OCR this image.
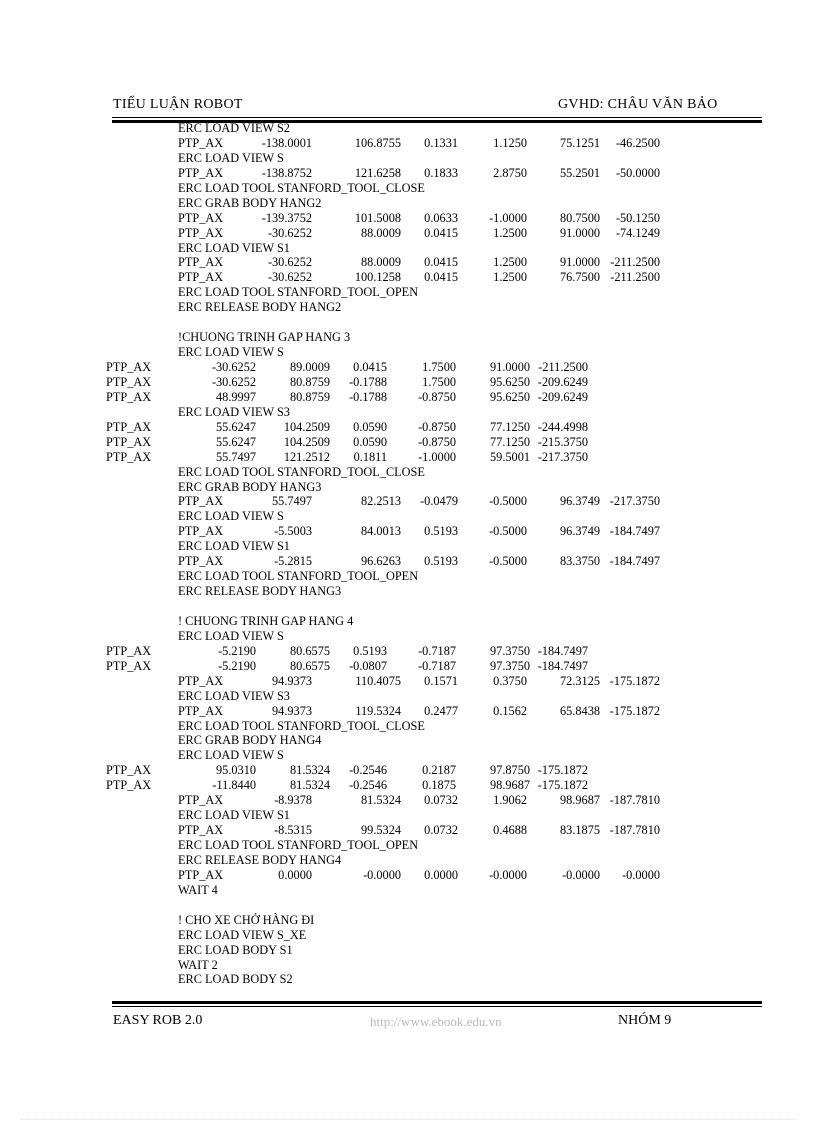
TIỂU LUẬN ROBOT	GVHD: CHÂU VĂN BẢO
ERC LOAD VIEW S2
PTP_AX	-138.0001	106.8755 0.1331	1.1250	75.1251 -46.2500
ERC LOAD VIEW S
PTP_AX	-138.8752	121.6258 0.1833	2.8750	55.2501 -50.0000
ERC LOAD TOOL STANFORD_TOOL_CLOSE
ERC GRAB BODY HANG2
PTP_AX	-139.3752	101.5008 0.0633	-1.0000	80.7500 -50.1250
PTP_AX	-30.6252	88.0009 0.0415	1.2500	91.0000 -74.1249
ERC LOAD VIEW S1
PTP_AX	-30.6252	88.0009 0.0415	1.2500	91.0000 -211.2500
PTP_AX	-30.6252	100.1258 0.0415	1.2500	76.7500 -211.2500
ERC LOAD TOOL STANFORD_TOOL_OPEN
ERC RELEASE BODY HANG2
!CHUONG TRINH GAP HANG 3
ERC LOAD VIEW S
PTP_AX	-30.6252	89.0009 0.0415	1.7500	91.0000 -211.2500
PTP_AX	-30.6252	80.8759 -0.1788	1.7500	95.6250 -209.6249
PTP_AX	48.9997	80.8759 -0.1788	-0.8750	95.6250 -209.6249
ERC LOAD VIEW S3
PTP_AX	55.6247 104.2509 0.0590	-0.8750	77.1250 -244.4998
PTP_AX	55.6247 104.2509 0.0590	-0.8750	77.1250 -215.3750
PTP_AX	55.7497 121.2512 0.1811	-1.0000	59.5001 -217.3750
ERC LOAD TOOL STANFORD_TOOL_CLOSE
ERC GRAB BODY HANG3
PTP_AX	55.7497	82.2513 -0.0479	-0.5000	96.3749 -217.3750
ERC LOAD VIEW S
PTP_AX	-5.5003	84.0013 0.5193	-0.5000	96.3749 -184.7497
ERC LOAD VIEW S1
PTP_AX	-5.2815	96.6263 0.5193	-0.5000	83.3750 -184.7497
ERC LOAD TOOL STANFORD_TOOL_OPEN
ERC RELEASE BODY HANG3
! CHUONG TRINH GAP HANG 4
ERC LOAD VIEW S
PTP_AX	-5.2190	80.6575 0.5193	-0.7187	97.3750 -184.7497
PTP_AX	-5.2190	80.6575 -0.0807	-0.7187	97.3750 -184.7497
PTP_AX	94.9373	110.4075 0.1571	0.3750	72.3125 -175.1872
ERC LOAD VIEW S3
PTP_AX	94.9373	119.5324 0.2477	0.1562	65.8438 -175.1872
ERC LOAD TOOL STANFORD_TOOL_CLOSE
ERC GRAB BODY HANG4
ERC LOAD VIEW S
PTP_AX	95.0310	81.5324 -0.2546	0.2187	97.8750 -175.1872
PTP_AX	-11.8440	81.5324 -0.2546	0.1875	98.9687 -175.1872
PTP_AX	-8.9378	81.5324 0.0732	1.9062	98.9687 -187.7810
ERC LOAD VIEW S1
PTP_AX	-8.5315	99.5324 0.0732	0.4688	83.1875 -187.7810
ERC LOAD TOOL STANFORD_TOOL_OPEN
ERC RELEASE BODY HANG4
PTP_AX	0.0000	-0.0000 0.0000	-0.0000	-0.0000 -0.0000
WAIT 4
! CHO XE CHỞ HÀNG ĐI
ERC LOAD VIEW S_XE
ERC LOAD BODY S1
WAIT 2
ERC LOAD BODY S2
EASY ROB 2.0	http://www.ebook.edu.vn	NHÓM 9
